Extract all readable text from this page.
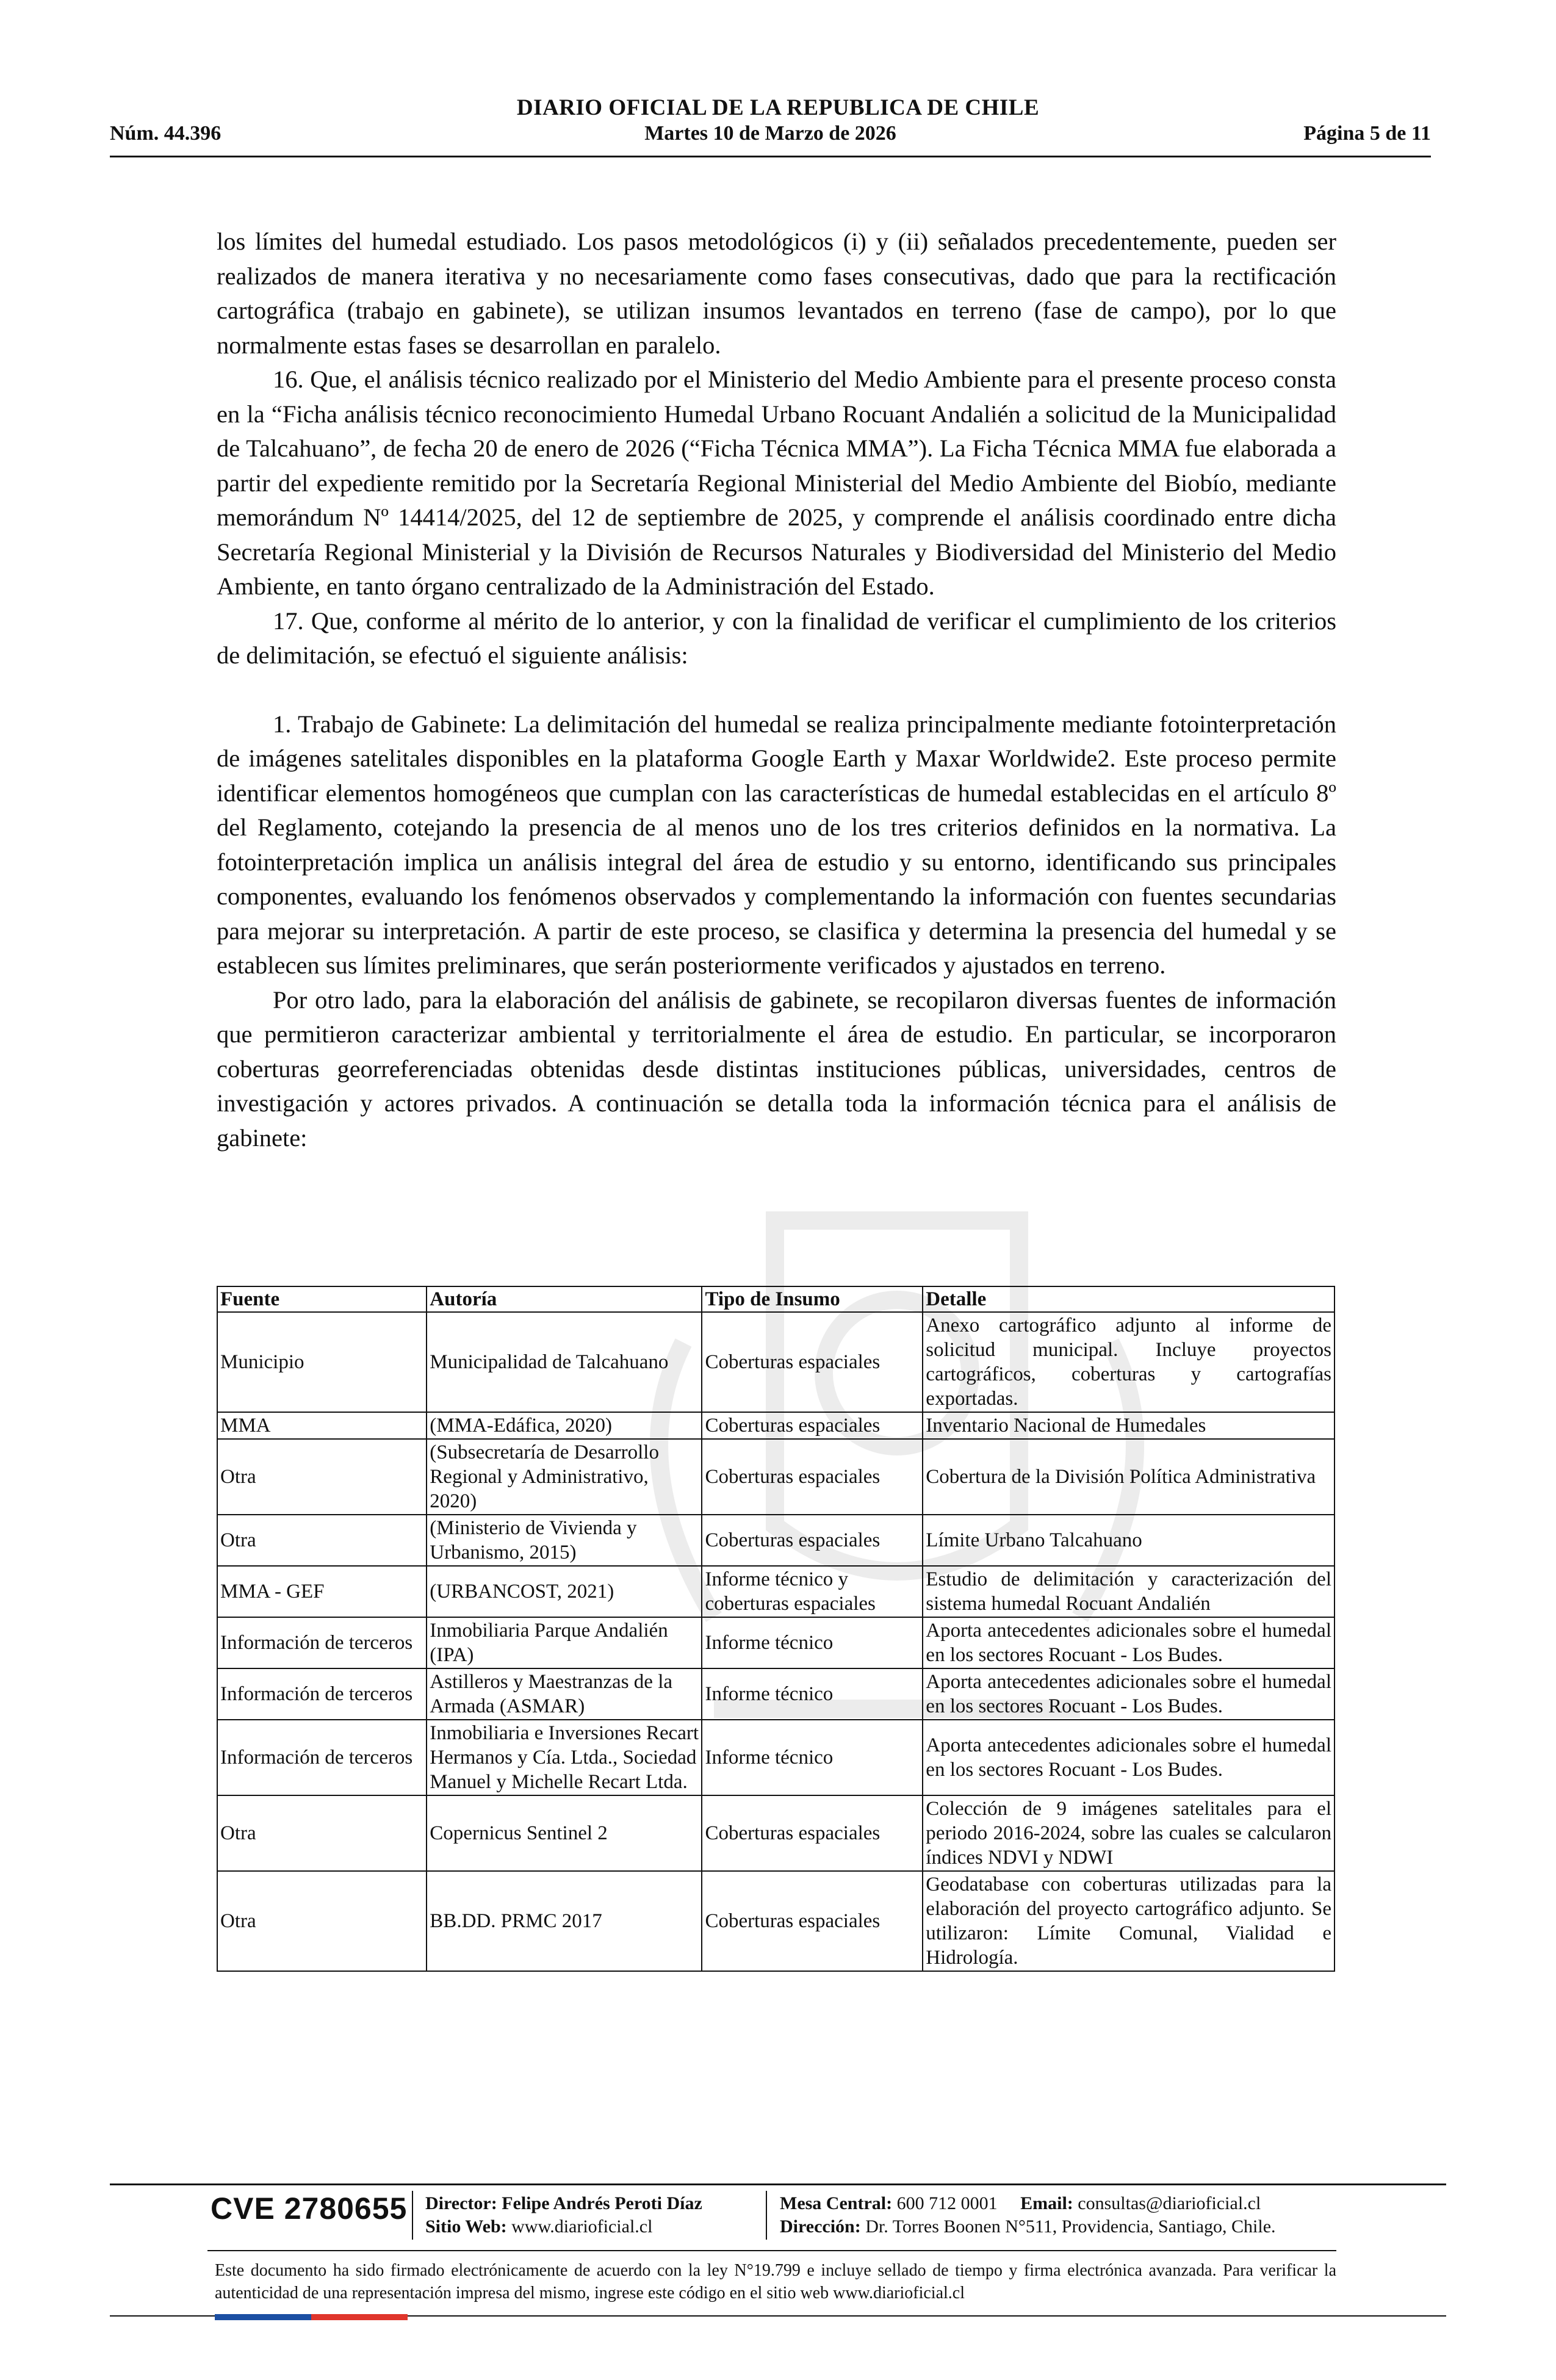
DIARIO OFICIAL DE LA REPUBLICA DE CHILE
Núm. 44.396	Martes 10 de Marzo de 2026	Página 5 de 11

los límites del humedal estudiado. Los pasos metodológicos (i) y (ii) señalados precedentemente, pueden ser realizados de manera iterativa y no necesariamente como fases consecutivas, dado que para la rectificación cartográfica (trabajo en gabinete), se utilizan insumos levantados en terreno (fase de campo), por lo que normalmente estas fases se desarrollan en paralelo.

16. Que, el análisis técnico realizado por el Ministerio del Medio Ambiente para el presente proceso consta en la “Ficha análisis técnico reconocimiento Humedal Urbano Rocuant Andalién a solicitud de la Municipalidad de Talcahuano”, de fecha 20 de enero de 2026 (“Ficha Técnica MMA”). La Ficha Técnica MMA fue elaborada a partir del expediente remitido por la Secretaría Regional Ministerial del Medio Ambiente del Biobío, mediante memorándum Nº 14414/2025, del 12 de septiembre de 2025, y comprende el análisis coordinado entre dicha Secretaría Regional Ministerial y la División de Recursos Naturales y Biodiversidad del Ministerio del Medio Ambiente, en tanto órgano centralizado de la Administración del Estado.

17. Que, conforme al mérito de lo anterior, y con la finalidad de verificar el cumplimiento de los criterios de delimitación, se efectuó el siguiente análisis:

1. Trabajo de Gabinete: La delimitación del humedal se realiza principalmente mediante fotointerpretación de imágenes satelitales disponibles en la plataforma Google Earth y Maxar Worldwide2. Este proceso permite identificar elementos homogéneos que cumplan con las características de humedal establecidas en el artículo 8º del Reglamento, cotejando la presencia de al menos uno de los tres criterios definidos en la normativa. La fotointerpretación implica un análisis integral del área de estudio y su entorno, identificando sus principales componentes, evaluando los fenómenos observados y complementando la información con fuentes secundarias para mejorar su interpretación. A partir de este proceso, se clasifica y determina la presencia del humedal y se establecen sus límites preliminares, que serán posteriormente verificados y ajustados en terreno.

Por otro lado, para la elaboración del análisis de gabinete, se recopilaron diversas fuentes de información que permitieron caracterizar ambiental y territorialmente el área de estudio. En particular, se incorporaron coberturas georreferenciadas obtenidas desde distintas instituciones públicas, universidades, centros de investigación y actores privados. A continuación se detalla toda la información técnica para el análisis de gabinete:

Fuente	Autoría	Tipo de Insumo	Detalle
Municipio	Municipalidad de Talcahuano	Coberturas espaciales	Anexo cartográfico adjunto al informe de solicitud municipal. Incluye proyectos cartográficos, coberturas y cartografías exportadas.
MMA	(MMA-Edáfica, 2020)	Coberturas espaciales	Inventario Nacional de Humedales
Otra	(Subsecretaría de Desarrollo Regional y Administrativo, 2020)	Coberturas espaciales	Cobertura de la División Política Administrativa
Otra	(Ministerio de Vivienda y Urbanismo, 2015)	Coberturas espaciales	Límite Urbano Talcahuano
MMA - GEF	(URBANCOST, 2021)	Informe técnico y coberturas espaciales	Estudio de delimitación y caracterización del sistema humedal Rocuant Andalién
Información de terceros	Inmobiliaria Parque Andalién (IPA)	Informe técnico	Aporta antecedentes adicionales sobre el humedal en los sectores Rocuant - Los Budes.
Información de terceros	Astilleros y Maestranzas de la Armada (ASMAR)	Informe técnico	Aporta antecedentes adicionales sobre el humedal en los sectores Rocuant - Los Budes.
Información de terceros	Inmobiliaria e Inversiones Recart Hermanos y Cía. Ltda., Sociedad Manuel y Michelle Recart Ltda.	Informe técnico	Aporta antecedentes adicionales sobre el humedal en los sectores Rocuant - Los Budes.
Otra	Copernicus Sentinel 2	Coberturas espaciales	Colección de 9 imágenes satelitales para el periodo 2016-2024, sobre las cuales se calcularon índices NDVI y NDWI
Otra	BB.DD. PRMC 2017	Coberturas espaciales	Geodatabase con coberturas utilizadas para la elaboración del proyecto cartográfico adjunto. Se utilizaron: Límite Comunal, Vialidad e Hidrología.
CVE 2780655 Director: Felipe Andrés Peroti Díaz
Sitio Web: www.diarioficial.cl
Mesa Central: 600 712 0001 Email: consultas@diarioficial.cl
Dirección: Dr. Torres Boonen N°511, Providencia, Santiago, Chile.
Este documento ha sido firmado electrónicamente de acuerdo con la ley N°19.799 e incluye sellado de tiempo y firma electrónica avanzada. Para verificar la autenticidad de una representación impresa del mismo, ingrese este código en el sitio web www.diarioficial.cl
